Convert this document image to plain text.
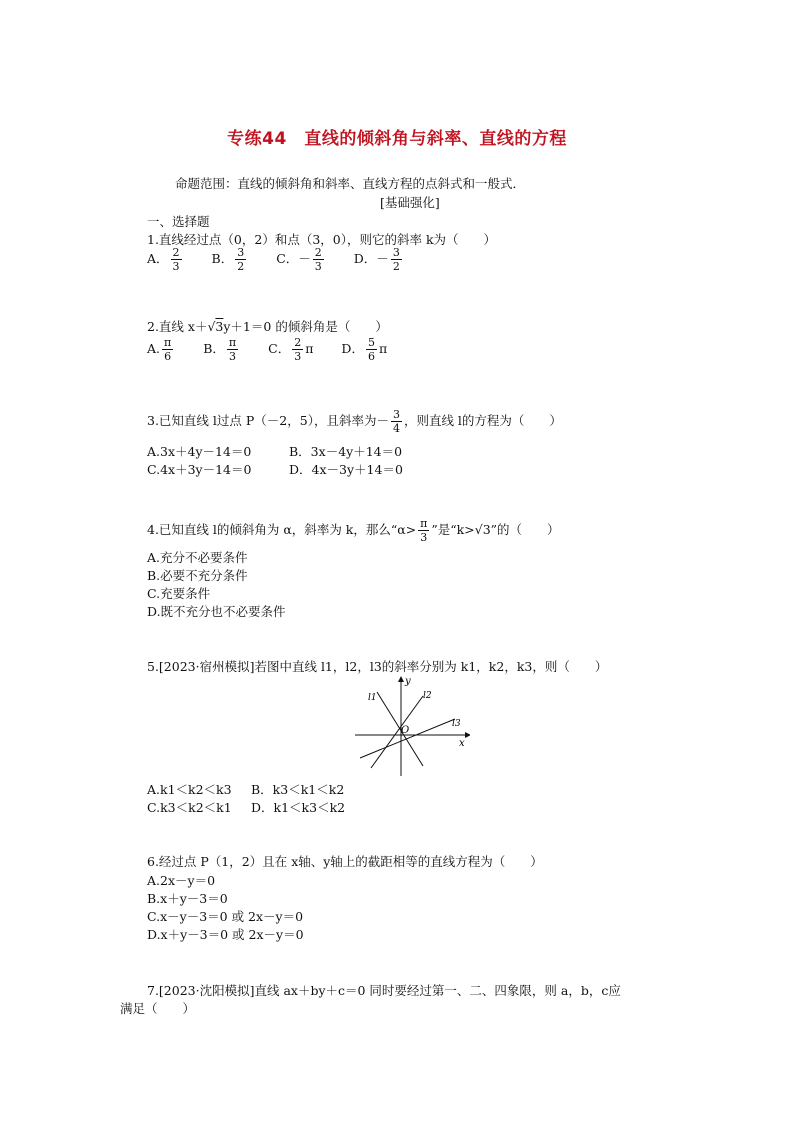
专练44　直线的倾斜角与斜率、直线的方程
命题范围：直线的倾斜角和斜率、直线方程的点斜式和一般式．
[基础强化]
一、选择题
1.直线经过点（0，2）和点（3，0），则它的斜率 k为（　　）
A． $\frac{2}{3}$ B． $\frac{3}{2}$ C．－ $\frac{2}{3}$ D．－ $\frac{3}{2}$
2.直线 x＋√3y＋1＝0 的倾斜角是（　　）
A. $\frac{\pi}{6}$ B． $\frac{\pi}{3}$ C． $\frac{2}{3}$ π D． $\frac{5}{6}$ π
3.已知直线 l过点 P（－2，5），且斜率为－ $\frac{3}{4}$ ，则直线 l的方程为（　　）
A.3x＋4y－14＝0	B．3x－4y＋14＝0
C.4x＋3y－14＝0	D．4x－3y＋14＝0
4.已知直线 l的倾斜角为 α，斜率为 k，那么“$\alpha> \frac{\pi}{3}$ ”是“k>√3”的（　　）
A.充分不必要条件
B.必要不充分条件
C.充要条件
D.既不充分也不必要条件
5.[2023·宿州模拟]若图中直线 l1，l2，l3的斜率分别为 k1，k2，k3，则（　　）
y
x
O
l1	l2
l3
A.k1＜k2＜k3 B．k3＜k1＜k2
C.k3＜k2＜k1 D．k1＜k3＜k2
6.经过点 P（1，2）且在 x轴、y轴上的截距相等的直线方程为（　　）
A.2x－y＝0
B.x＋y－3＝0
C.x－y－3＝0 或 2x－y＝0
D.x＋y－3＝0 或 2x－y＝0
7.[2023·沈阳模拟]直线 ax＋by＋c＝0 同时要经过第一、二、四象限，则 a，b，c应
满足（　　）
